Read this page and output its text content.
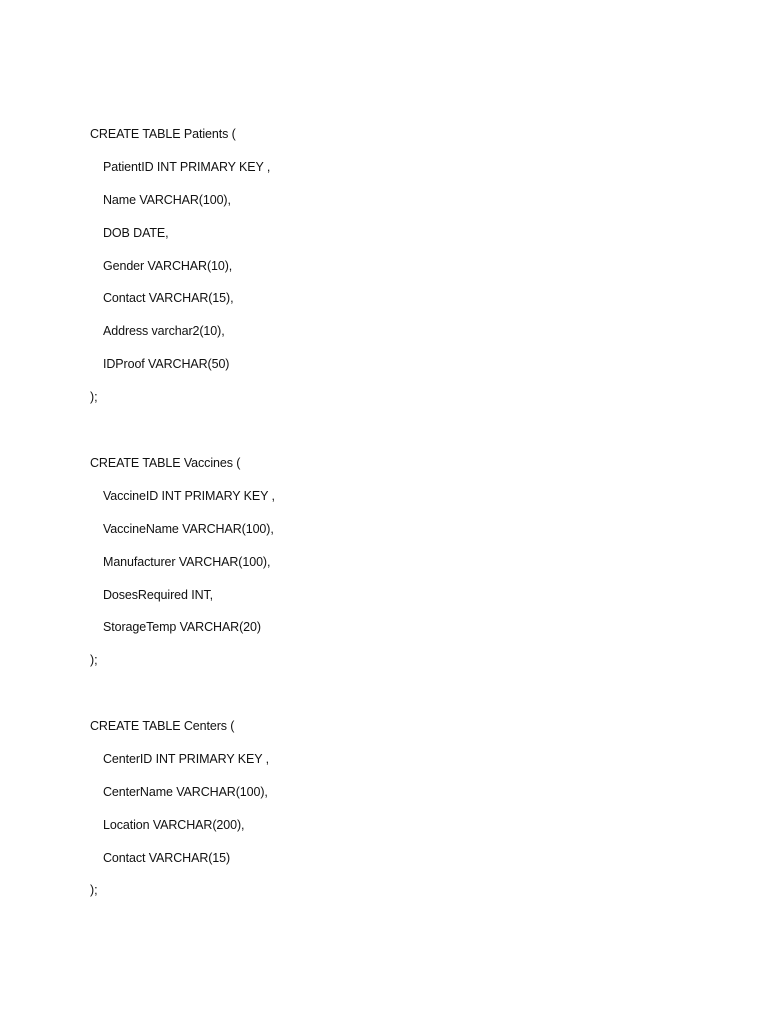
CREATE TABLE Patients (
PatientID INT PRIMARY KEY ,
Name VARCHAR(100),
DOB DATE,
Gender VARCHAR(10),
Contact VARCHAR(15),
Address varchar2(10),
IDProof VARCHAR(50)
);
CREATE TABLE Vaccines (
VaccineID INT PRIMARY KEY ,
VaccineName VARCHAR(100),
Manufacturer VARCHAR(100),
DosesRequired INT,
StorageTemp VARCHAR(20)
);
CREATE TABLE Centers (
CenterID INT PRIMARY KEY ,
CenterName VARCHAR(100),
Location VARCHAR(200),
Contact VARCHAR(15)
);
